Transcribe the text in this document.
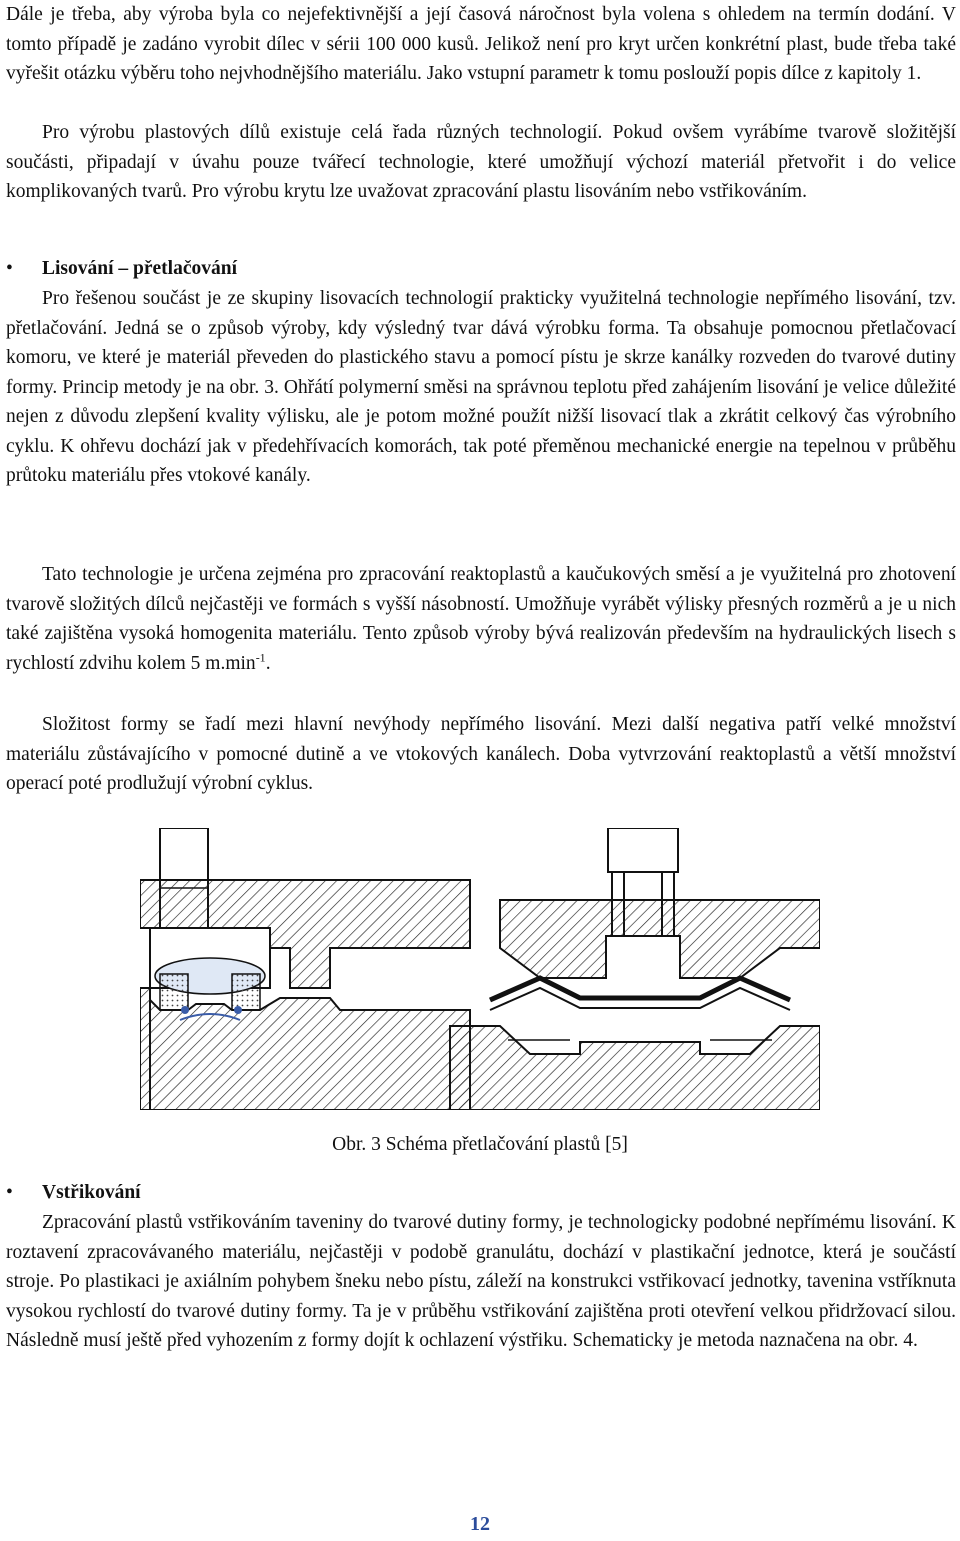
Dále je třeba, aby výroba byla co nejefektivnější a její časová náročnost byla volena s ohledem na termín dodání. V tomto případě je zadáno vyrobit dílec v sérii 100 000 kusů. Jelikož není pro kryt určen konkrétní plast, bude třeba také vyřešit otázku výběru toho nejvhodnějšího materiálu. Jako vstupní parametr k tomu poslouží popis dílce z kapitoly 1.

Pro výrobu plastových dílů existuje celá řada různých technologií. Pokud ovšem vyrábíme tvarově složitější součásti, připadají v úvahu pouze tvářecí technologie, které umožňují výchozí materiál přetvořit i do velice komplikovaných tvarů. Pro výrobu krytu lze uvažovat zpracování plastu lisováním nebo vstřikováním.

• Lisování – přetlačování

Pro řešenou součást je ze skupiny lisovacích technologií prakticky využitelná technologie nepřímého lisování, tzv. přetlačování. Jedná se o způsob výroby, kdy výsledný tvar dává výrobku forma. Ta obsahuje pomocnou přetlačovací komoru, ve které je materiál převeden do plastického stavu a pomocí pístu je skrze kanálky rozveden do tvarové dutiny formy. Princip metody je na obr. 3. Ohřátí polymerní směsi na správnou teplotu před zahájením lisování je velice důležité nejen z důvodu zlepšení kvality výlisku, ale je potom možné použít nižší lisovací tlak a zkrátit celkový čas výrobního cyklu. K ohřevu dochází jak v předehřívacích komorách, tak poté přeměnou mechanické energie na tepelnou v průběhu průtoku materiálu přes vtokové kanály.

Tato technologie je určena zejména pro zpracování reaktoplastů a kaučukových směsí a je využitelná pro zhotovení tvarově složitých dílců nejčastěji ve formách s vyšší násobností. Umožňuje vyrábět výlisky přesných rozměrů a je u nich také zajištěna vysoká homogenita materiálu. Tento způsob výroby bývá realizován především na hydraulických lisech s rychlostí zdvihu kolem 5 $m.\min^{-1}$.

Složitost formy se řadí mezi hlavní nevýhody nepřímého lisování. Mezi další negativa patří velké množství materiálu zůstávajícího v pomocné dutině a ve vtokových kanálech. Doba vytvrzování reaktoplastů a větší množství operací poté prodlužují výrobní cyklus.

Obr. 3 Schéma přetlačování plastů [5]
• Vstřikování

Zpracování plastů vstřikováním taveniny do tvarové dutiny formy, je technologicky podobné nepřímému lisování. K roztavení zpracovávaného materiálu, nejčastěji v podobě granulátu, dochází v plastikační jednotce, která je součástí stroje. Po plastikaci je axiálním pohybem šneku nebo pístu, záleží na konstrukci vstřikovací jednotky, tavenina vstříknuta vysokou rychlostí do tvarové dutiny formy. Ta je v průběhu vstřikování zajištěna proti otevření velkou přidržovací silou. Následně musí ještě před vyhozením z formy dojít k ochlazení výstřiku. Schematicky je metoda naznačena na obr. 4.

12
